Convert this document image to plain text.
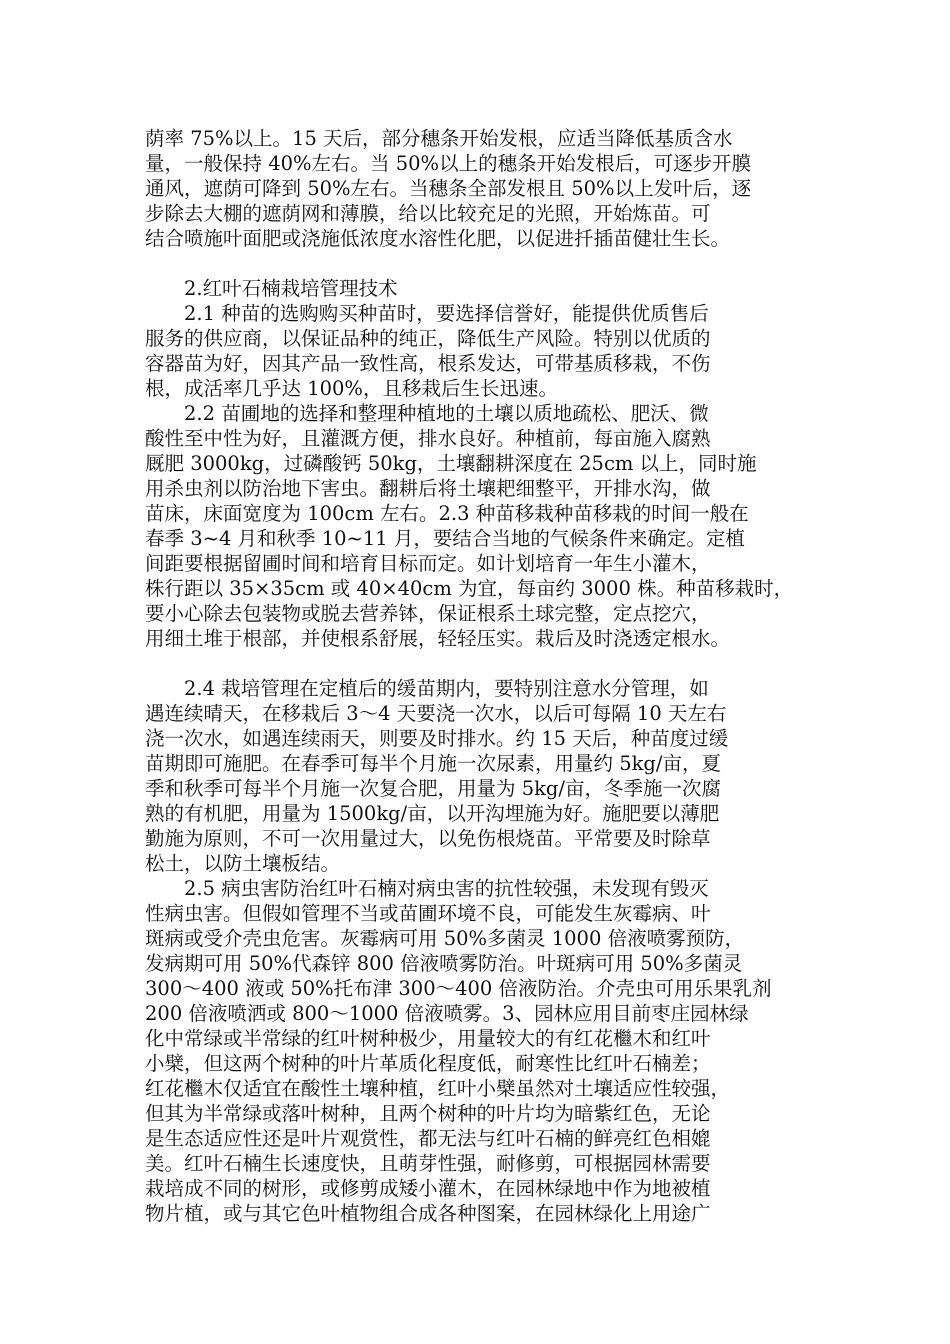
荫率 75%以上。15 天后，部分穗条开始发根，应适当降低基质含水
量，一般保持 40%左右。当 50%以上的穗条开始发根后，可逐步开膜
通风，遮荫可降到 50%左右。当穗条全部发根且 50%以上发叶后，逐
步除去大棚的遮荫网和薄膜，给以比较充足的光照，开始炼苗。可
结合喷施叶面肥或浇施低浓度水溶性化肥，以促进扦插苗健壮生长。
2.红叶石楠栽培管理技术
2.1 种苗的选购购买种苗时，要选择信誉好，能提供优质售后
服务的供应商，以保证品种的纯正，降低生产风险。特别以优质的
容器苗为好，因其产品一致性高，根系发达，可带基质移栽，不伤
根，成活率几乎达 100%，且移栽后生长迅速。
2.2 苗圃地的选择和整理种植地的土壤以质地疏松、肥沃、微
酸性至中性为好，且灌溉方便，排水良好。种植前，每亩施入腐熟
厩肥 3000kg，过磷酸钙 50kg，土壤翻耕深度在 25cm 以上，同时施
用杀虫剂以防治地下害虫。翻耕后将土壤耙细整平，开排水沟，做
苗床，床面宽度为 100cm 左右。2.3 种苗移栽种苗移栽的时间一般在
春季 3~4 月和秋季 10~11 月，要结合当地的气候条件来确定。定植
间距要根据留圃时间和培育目标而定。如计划培育一年生小灌木，
株行距以 35×35cm 或 40×40cm 为宜，每亩约 3000 株。种苗移栽时，
要小心除去包装物或脱去营养钵，保证根系土球完整，定点挖穴，
用细土堆于根部，并使根系舒展，轻轻压实。栽后及时浇透定根水。
2.4 栽培管理在定植后的缓苗期内，要特别注意水分管理，如
遇连续晴天，在移栽后 3～4 天要浇一次水，以后可每隔 10 天左右
浇一次水，如遇连续雨天，则要及时排水。约 15 天后，种苗度过缓
苗期即可施肥。在春季可每半个月施一次尿素，用量约 5kg/亩，夏
季和秋季可每半个月施一次复合肥，用量为 5kg/亩，冬季施一次腐
熟的有机肥，用量为 1500kg/亩，以开沟埋施为好。施肥要以薄肥
勤施为原则，不可一次用量过大，以免伤根烧苗。平常要及时除草
松土，以防土壤板结。
2.5 病虫害防治红叶石楠对病虫害的抗性较强，未发现有毁灭
性病虫害。但假如管理不当或苗圃环境不良，可能发生灰霉病、叶
斑病或受介壳虫危害。灰霉病可用 50%多菌灵 1000 倍液喷雾预防，
发病期可用 50%代森锌 800 倍液喷雾防治。叶斑病可用 50%多菌灵
300～400 液或 50%托布津 300～400 倍液防治。介壳虫可用乐果乳剂
200 倍液喷洒或 800～1000 倍液喷雾。3、园林应用目前枣庄园林绿
化中常绿或半常绿的红叶树种极少，用量较大的有红花檵木和红叶
小檗，但这两个树种的叶片革质化程度低，耐寒性比红叶石楠差；
红花檵木仅适宜在酸性土壤种植，红叶小檗虽然对土壤适应性较强，
但其为半常绿或落叶树种，且两个树种的叶片均为暗紫红色，无论
是生态适应性还是叶片观赏性，都无法与红叶石楠的鲜亮红色相媲
美。红叶石楠生长速度快，且萌芽性强，耐修剪，可根据园林需要
栽培成不同的树形，或修剪成矮小灌木，在园林绿地中作为地被植
物片植，或与其它色叶植物组合成各种图案，在园林绿化上用途广
